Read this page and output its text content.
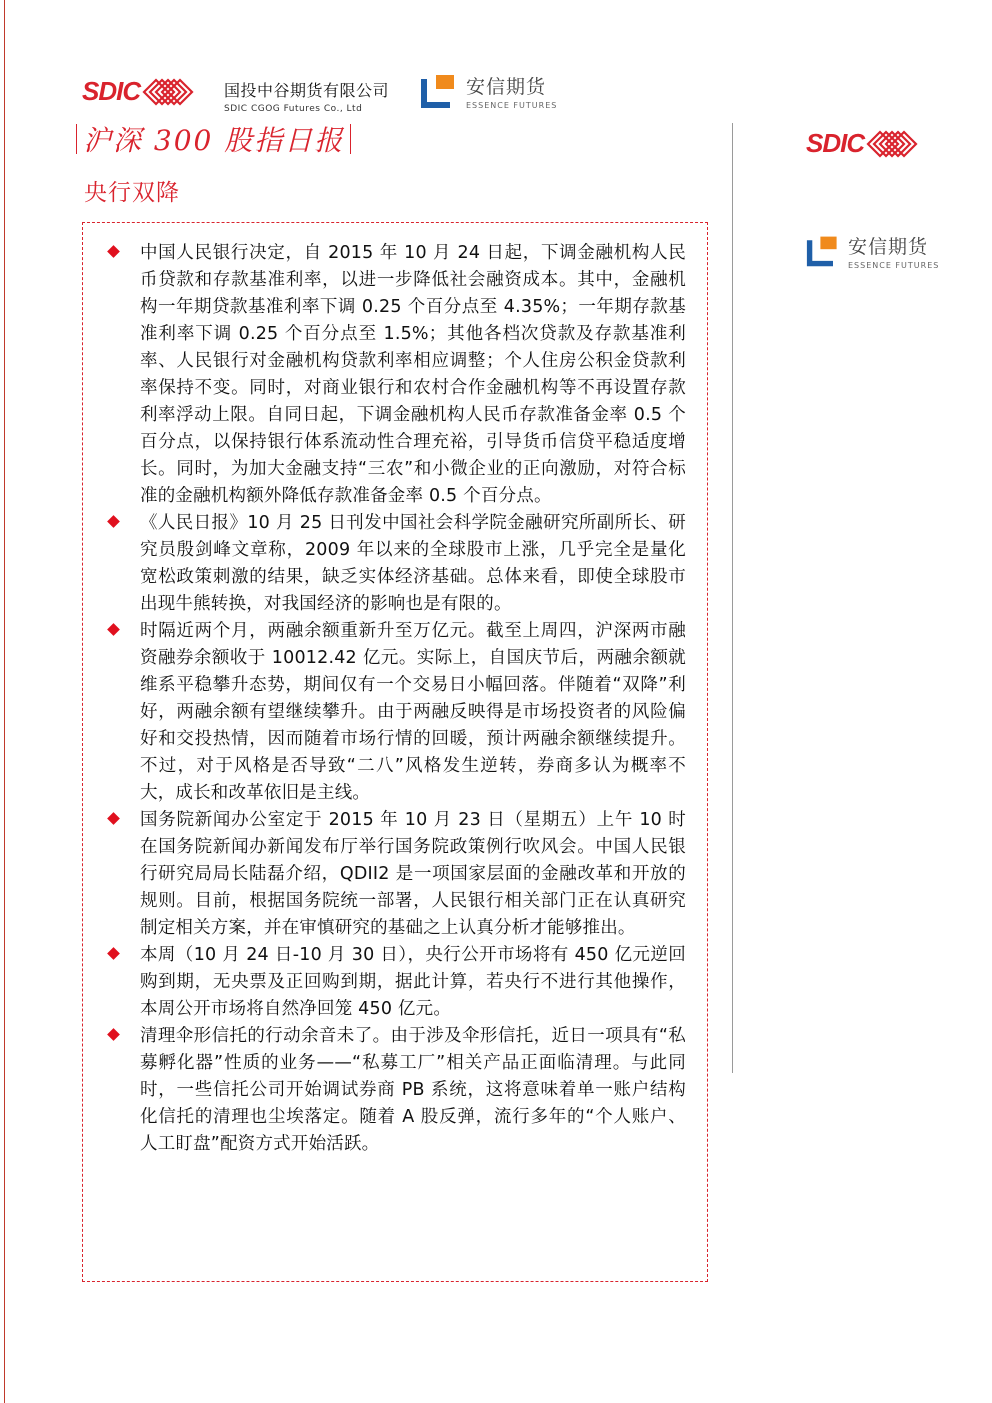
SDIC	国投中谷期货有限公司
SDIC CGOG Futures Co., Ltd
安信期货
ESSENCE FUTURES
SDIC
安信期货
ESSENCE FUTURES
沪深 300 股指日报
央行双降
中国人民银行决定，自 2015 年 10 月 24 日起，下调金融机构人民币贷款和存款基准利率，以进一步降低社会融资成本。其中，金融机构一年期贷款基准利率下调 0.25 个百分点至 4.35%；一年期存款基准利率下调 0.25 个百分点至 1.5%；其他各档次贷款及存款基准利率、人民银行对金融机构贷款利率相应调整；个人住房公积金贷款利率保持不变。同时，对商业银行和农村合作金融机构等不再设置存款利率浮动上限。自同日起，下调金融机构人民币存款准备金率 0.5 个百分点，以保持银行体系流动性合理充裕，引导货币信贷平稳适度增长。同时，为加大金融支持“三农”和小微企业的正向激励，对符合标准的金融机构额外降低存款准备金率 0.5 个百分点。
《人民日报》10 月 25 日刊发中国社会科学院金融研究所副所长、研究员殷剑峰文章称，2009 年以来的全球股市上涨，几乎完全是量化宽松政策刺激的结果，缺乏实体经济基础。总体来看，即使全球股市出现牛熊转换，对我国经济的影响也是有限的。
时隔近两个月，两融余额重新升至万亿元。截至上周四，沪深两市融资融券余额收于 10012.42 亿元。实际上，自国庆节后，两融余额就维系平稳攀升态势，期间仅有一个交易日小幅回落。伴随着“双降”利好，两融余额有望继续攀升。由于两融反映得是市场投资者的风险偏好和交投热情，因而随着市场行情的回暖，预计两融余额继续提升。不过，对于风格是否导致“二八”风格发生逆转，券商多认为概率不大，成长和改革依旧是主线。
国务院新闻办公室定于 2015 年 10 月 23 日（星期五）上午 10 时在国务院新闻办新闻发布厅举行国务院政策例行吹风会。中国人民银行研究局局长陆磊介绍，QDII2 是一项国家层面的金融改革和开放的规则。目前，根据国务院统一部署，人民银行相关部门正在认真研究制定相关方案，并在审慎研究的基础之上认真分析才能够推出。
本周（10 月 24 日-10 月 30 日），央行公开市场将有 450 亿元逆回购到期，无央票及正回购到期，据此计算，若央行不进行其他操作，本周公开市场将自然净回笼 450 亿元。
清理伞形信托的行动余音未了。由于涉及伞形信托，近日一项具有“私募孵化器”性质的业务——“私募工厂”相关产品正面临清理。与此同时，一些信托公司开始调试券商 PB 系统，这将意味着单一账户结构化信托的清理也尘埃落定。随着 A 股反弹，流行多年的“个人账户、人工盯盘”配资方式开始活跃。
